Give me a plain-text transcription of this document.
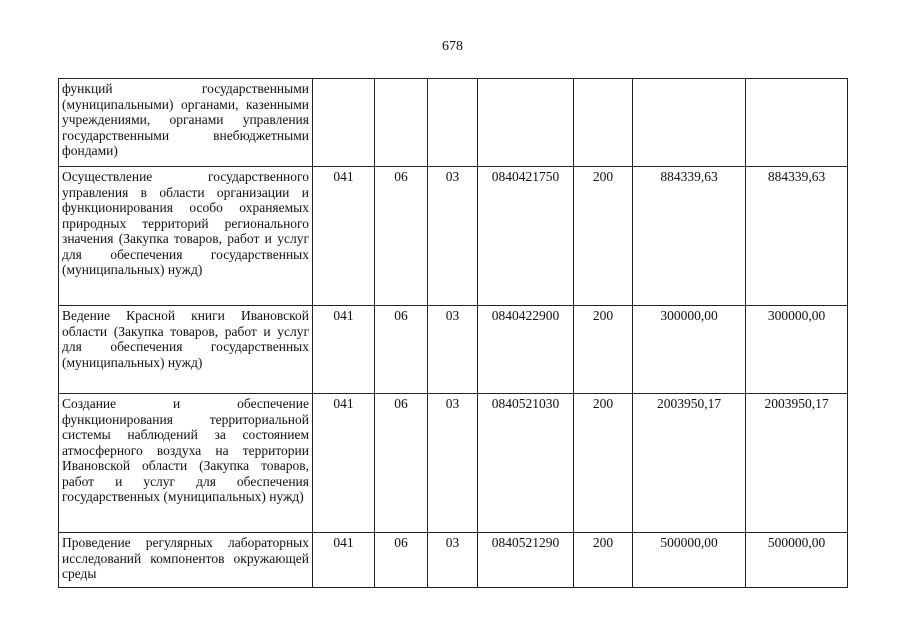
678
функций государственными (муниципальными) органами, казенными учреждениями, органами управления государственными внебюджетными фондами)							
Осуществление государственного управления в области организации и функционирования особо охраняемых природных территорий регионального значения (Закупка товаров, работ и услуг для обеспечения государственных (муниципальных) нужд)	041	06	03	0840421750	200	884339,63	884339,63
Ведение Красной книги Ивановской области (Закупка товаров, работ и услуг для обеспечения государственных (муниципальных) нужд)	041	06	03	0840422900	200	300000,00	300000,00
Создание и обеспечение функционирования территориальной системы наблюдений за состоянием атмосферного воздуха на территории Ивановской области (Закупка товаров, работ и услуг для обеспечения государственных (муниципальных) нужд)	041	06	03	0840521030	200	2003950,17	2003950,17
Проведение регулярных лабораторных исследований компонентов окружающей среды	041	06	03	0840521290	200	500000,00	500000,00
